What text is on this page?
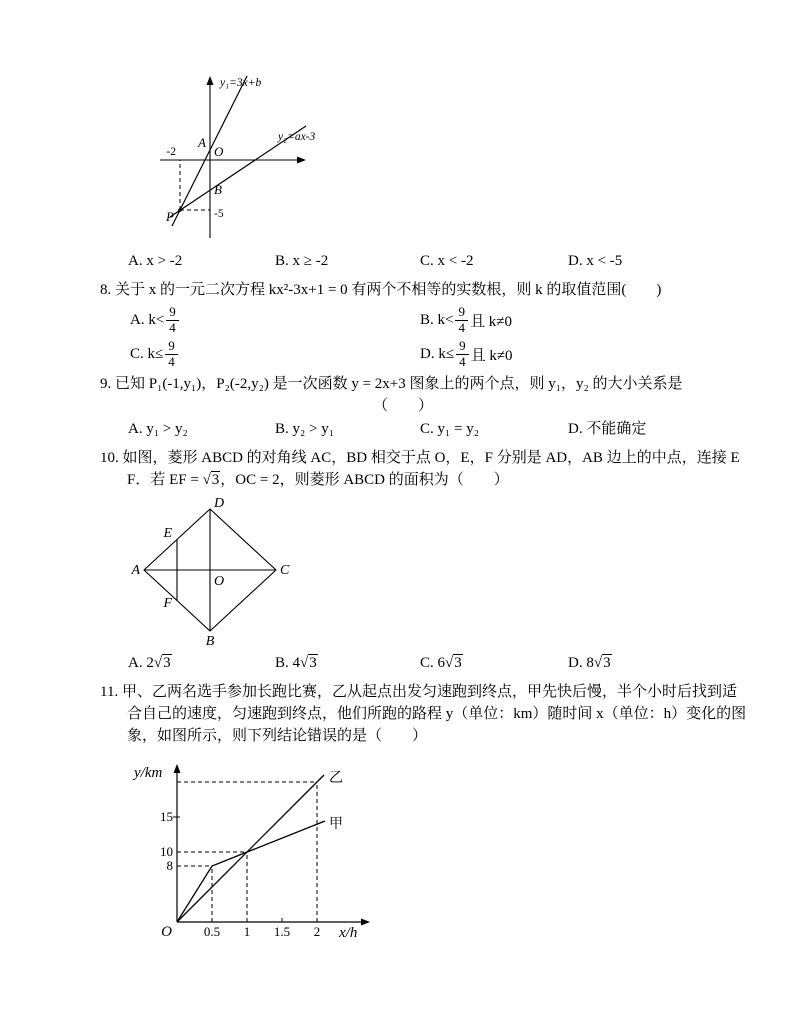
y₁=3x+b
y₂=ax-3
A
O
B
P
-2
-5
A. x > -2	B. x ≥ -2	C. x < -2	D. x < -5
8. 关于 x 的一元二次方程 kx²-3x+1 = 0 有两个不相等的实数根，则 k 的取值范围(　　)
A. $k< \frac{9}{4}$	B. $k< \frac{9}{4}$ 且 k≠0
C. $k\le \frac{9}{4}$	D. $k\le \frac{9}{4}$ 且 k≠0
9. 已知 P₁(-1,y₁)，P₂(-2,y₂) 是一次函数 y = 2x+3 图象上的两个点，则 y₁，y₂ 的大小关系是
（　　）
A. y₁ > y₂	B. y₂ > y₁	C. y₁ = y₂	D. 不能确定
10. 如图，菱形 ABCD 的对角线 AC，BD 相交于点 O，E，F 分别是 AD，AB 边上的中点，连接 E
F．若 EF = √3，OC = 2，则菱形 ABCD 的面积为（　　）
A	C
D
B
O
E
F
A. 2√3	B. 4√3	C. 6√3	D. 8√3
11. 甲、乙两名选手参加长跑比赛，乙从起点出发匀速跑到终点，甲先快后慢，半个小时后找到适
合自己的速度，匀速跑到终点，他们所跑的路程 y（单位：km）随时间 x（单位：h）变化的图
象，如图所示，则下列结论错误的是（　　）
y/km
x/h
O
15
10
8
0.5 1 1.5 2
乙
甲
